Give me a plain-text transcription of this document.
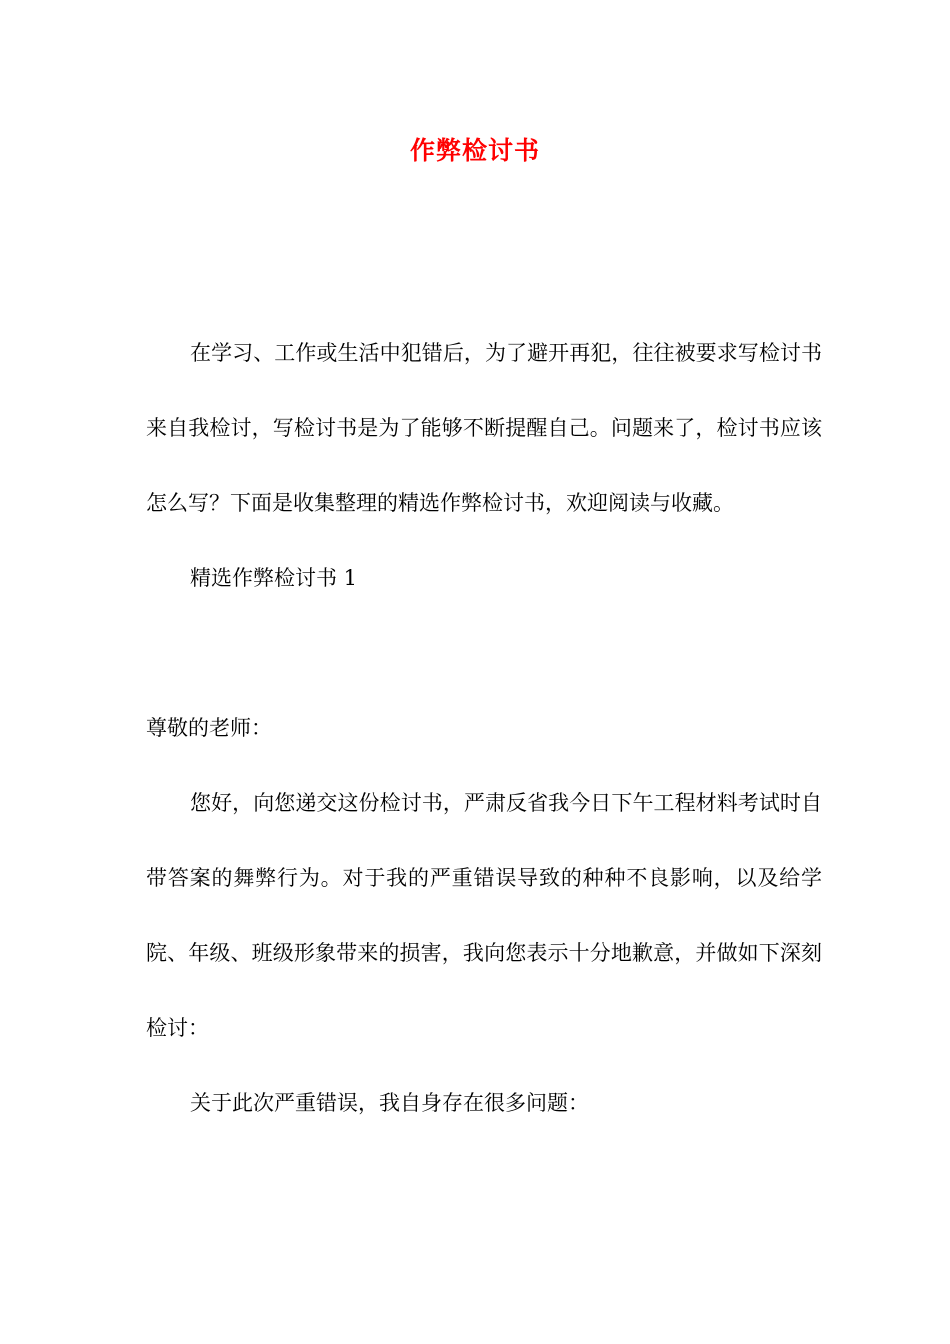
作弊检讨书

在学习、工作或生活中犯错后，为了避开再犯，往往被要求写检讨书来自我检讨，写检讨书是为了能够不断提醒自己。问题来了，检讨书应该怎么写？下面是收集整理的精选作弊检讨书，欢迎阅读与收藏。

精选作弊检讨书 1

尊敬的老师：

您好，向您递交这份检讨书，严肃反省我今日下午工程材料考试时自带答案的舞弊行为。对于我的严重错误导致的种种不良影响，以及给学院、年级、班级形象带来的损害，我向您表示十分地歉意，并做如下深刻检讨：

关于此次严重错误，我自身存在很多问题：
